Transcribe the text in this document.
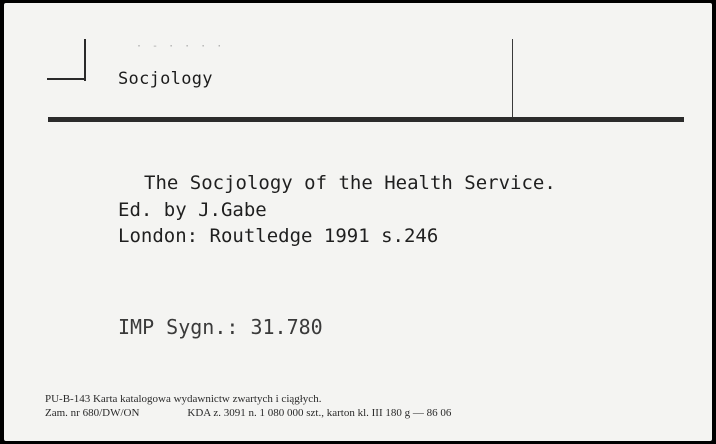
· - · · · ·
Socjology
The Socjology of the Health Service.
Ed. by J.Gabe
London: Routledge 1991 s.246
IMP Sygn.: 31.780
PU-B-143 Karta katalogowa wydawnictw zwartych i ciągłych.
Zam. nr 680/DW/ON	KDA z. 3091 n. 1 080 000 szt., karton kl. III 180 g — 86 06
